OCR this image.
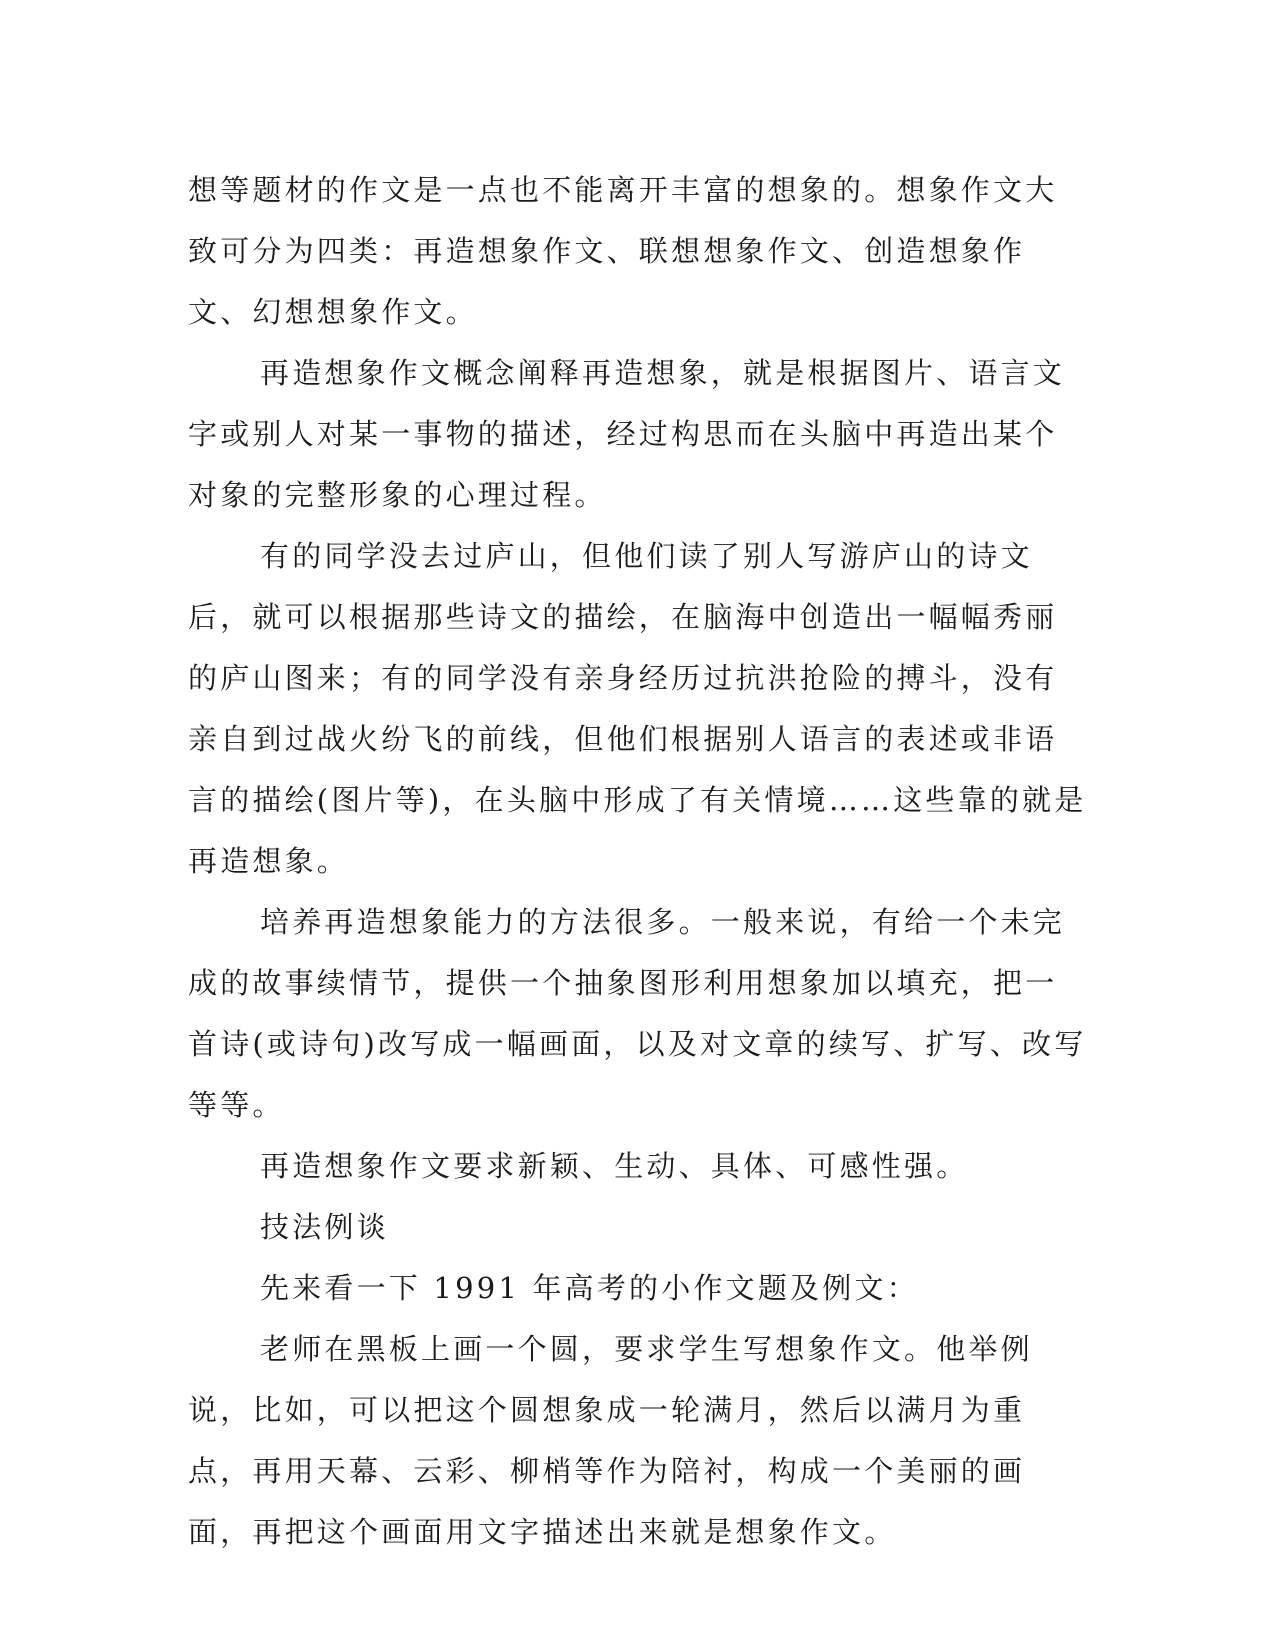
想等题材的作文是一点也不能离开丰富的想象的。想象作文大致可分为四类：再造想象作文、联想想象作文、创造想象作文、幻想想象作文。

再造想象作文概念阐释再造想象，就是根据图片、语言文字或别人对某一事物的描述，经过构思而在头脑中再造出某个对象的完整形象的心理过程。

有的同学没去过庐山，但他们读了别人写游庐山的诗文后，就可以根据那些诗文的描绘，在脑海中创造出一幅幅秀丽的庐山图来；有的同学没有亲身经历过抗洪抢险的搏斗，没有亲自到过战火纷飞的前线，但他们根据别人语言的表述或非语言的描绘(图片等)，在头脑中形成了有关情境……这些靠的就是再造想象。

培养再造想象能力的方法很多。一般来说，有给一个未完成的故事续情节，提供一个抽象图形利用想象加以填充，把一首诗(或诗句)改写成一幅画面，以及对文章的续写、扩写、改写等等。

再造想象作文要求新颖、生动、具体、可感性强。

技法例谈

先来看一下 1991 年高考的小作文题及例文：

老师在黑板上画一个圆，要求学生写想象作文。他举例说，比如，可以把这个圆想象成一轮满月，然后以满月为重点，再用天幕、云彩、柳梢等作为陪衬，构成一个美丽的画面，再把这个画面用文字描述出来就是想象作文。
